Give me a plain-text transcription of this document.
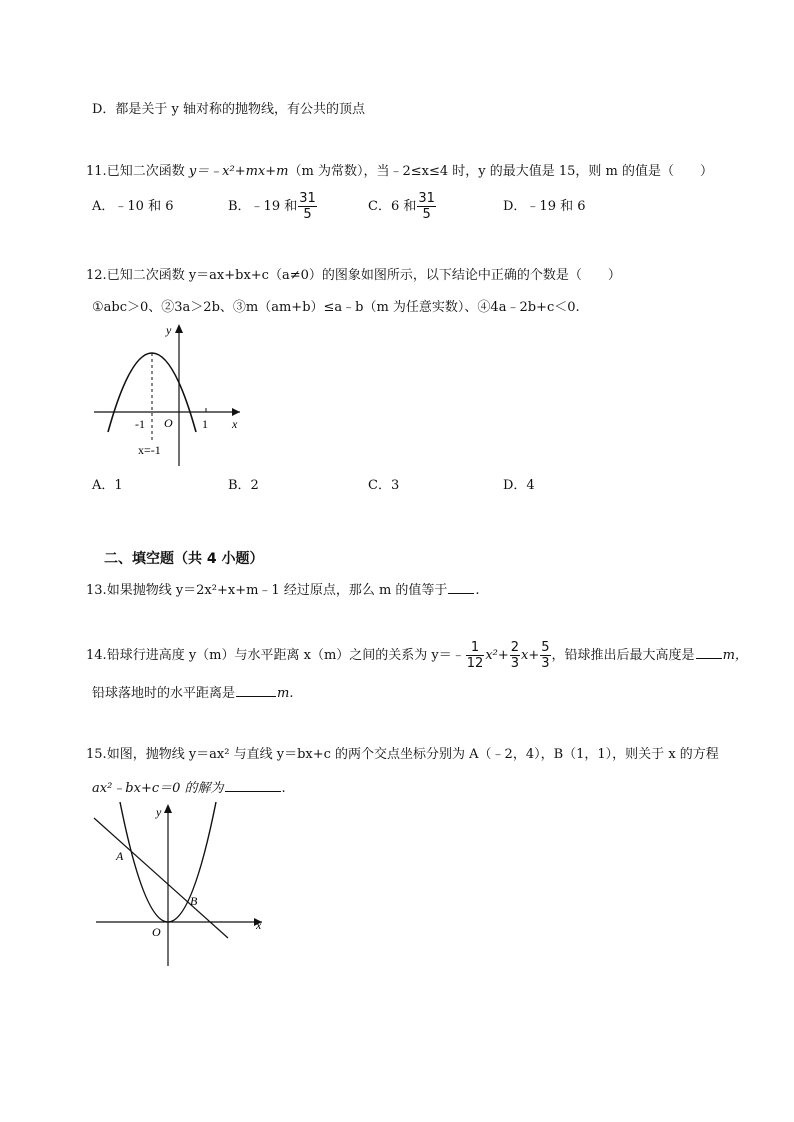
D．都是关于 y 轴对称的抛物线，有公共的顶点
11.已知二次函数 y＝﹣x²+mx+m（m 为常数），当﹣2≤x≤4 时，y 的最大值是 15，则 m 的值是（　　）
A．﹣10 和 6	B．﹣19 和 $\frac{31}{5}$	C．6 和 $\frac{31}{5}$	D．﹣19 和 6
12.已知二次函数 y＝ax+bx+c（a≠0）的图象如图所示，以下结论中正确的个数是（　　）
①abc＞0、②3a＞2b、③m（am+b）≤a﹣b（m 为任意实数）、④4a﹣2b+c＜0.
-1 O 1 x
y
x=-1
A．1	B．2	C．3	D．4
二、填空题（共 4 小题）
13.如果抛物线 y＝2x²+x+m﹣1 经过原点，那么 m 的值等于 .
14.铅球行进高度 y（m）与水平距离 x（m）之间的关系为 y＝﹣ $\frac{1}{12} x^2+ \frac{2}{3} x+ \frac{5}{3}$ ，铅球推出后最大高度是 m，
铅球落地时的水平距离是	m.
15.如图，抛物线 y＝ax² 与直线 y＝bx+c 的两个交点坐标分别为 A（﹣2，4），B（1，1），则关于 x 的方程
ax²﹣bx+c＝0 的解为	.
A
B
O	x
y
